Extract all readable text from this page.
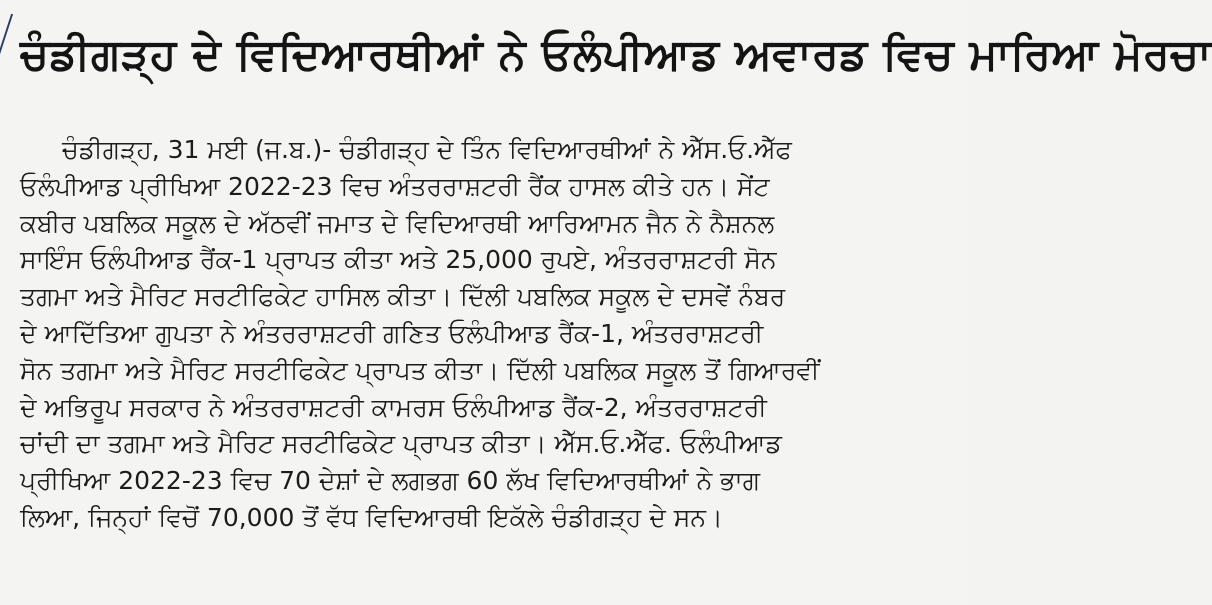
ਚੰਡੀਗੜ੍ਹ ਦੇ ਵਿਦਿਆਰਥੀਆਂ ਨੇ ਓਲੰਪੀਆਡ ਅਵਾਰਡ ਵਿਚ ਮਾਰਿਆ ਮੋਰਚਾ
ਚੰਡੀਗੜ੍ਹ, 31 ਮਈ (ਜ.ਬ.)- ਚੰਡੀਗੜ੍ਹ ਦੇ ਤਿੰਨ ਵਿਦਿਆਰਥੀਆਂ ਨੇ ਐੱਸ.ਓ.ਐੱਫ
ਓਲੰਪੀਆਡ ਪ੍ਰੀਖਿਆ 2022-23 ਵਿਚ ਅੰਤਰਰਾਸ਼ਟਰੀ ਰੈਂਕ ਹਾਸਲ ਕੀਤੇ ਹਨ। ਸੇਂਟ
ਕਬੀਰ ਪਬਲਿਕ ਸਕੂਲ ਦੇ ਅੱਠਵੀਂ ਜਮਾਤ ਦੇ ਵਿਦਿਆਰਥੀ ਆਰਿਆਮਨ ਜੈਨ ਨੇ ਨੈਸ਼ਨਲ
ਸਾਇੰਸ ਓਲੰਪੀਆਡ ਰੈਂਕ-1 ਪ੍ਰਾਪਤ ਕੀਤਾ ਅਤੇ 25,000 ਰੁਪਏ, ਅੰਤਰਰਾਸ਼ਟਰੀ ਸੋਨ
ਤਗਮਾ ਅਤੇ ਮੈਰਿਟ ਸਰਟੀਫਿਕੇਟ ਹਾਸਿਲ ਕੀਤਾ। ਦਿੱਲੀ ਪਬਲਿਕ ਸਕੂਲ ਦੇ ਦਸਵੇਂ ਨੰਬਰ
ਦੇ ਆਦਿੱਤਿਆ ਗੁਪਤਾ ਨੇ ਅੰਤਰਰਾਸ਼ਟਰੀ ਗਣਿਤ ਓਲੰਪੀਆਡ ਰੈਂਕ-1, ਅੰਤਰਰਾਸ਼ਟਰੀ
ਸੋਨ ਤਗਮਾ ਅਤੇ ਮੈਰਿਟ ਸਰਟੀਫਿਕੇਟ ਪ੍ਰਾਪਤ ਕੀਤਾ। ਦਿੱਲੀ ਪਬਲਿਕ ਸਕੂਲ ਤੋਂ ਗਿਆਰਵੀਂ
ਦੇ ਅਭਿਰੂਪ ਸਰਕਾਰ ਨੇ ਅੰਤਰਰਾਸ਼ਟਰੀ ਕਾਮਰਸ ਓਲੰਪੀਆਡ ਰੈਂਕ-2, ਅੰਤਰਰਾਸ਼ਟਰੀ
ਚਾਂਦੀ ਦਾ ਤਗਮਾ ਅਤੇ ਮੈਰਿਟ ਸਰਟੀਫਿਕੇਟ ਪ੍ਰਾਪਤ ਕੀਤਾ। ਐੱਸ.ਓ.ਐੱਫ. ਓਲੰਪੀਆਡ
ਪ੍ਰੀਖਿਆ 2022-23 ਵਿਚ 70 ਦੇਸ਼ਾਂ ਦੇ ਲਗਭਗ 60 ਲੱਖ ਵਿਦਿਆਰਥੀਆਂ ਨੇ ਭਾਗ
ਲਿਆ, ਜਿਨ੍ਹਾਂ ਵਿਚੋਂ 70,000 ਤੋਂ ਵੱਧ ਵਿਦਿਆਰਥੀ ਇਕੱਲੇ ਚੰਡੀਗੜ੍ਹ ਦੇ ਸਨ।
